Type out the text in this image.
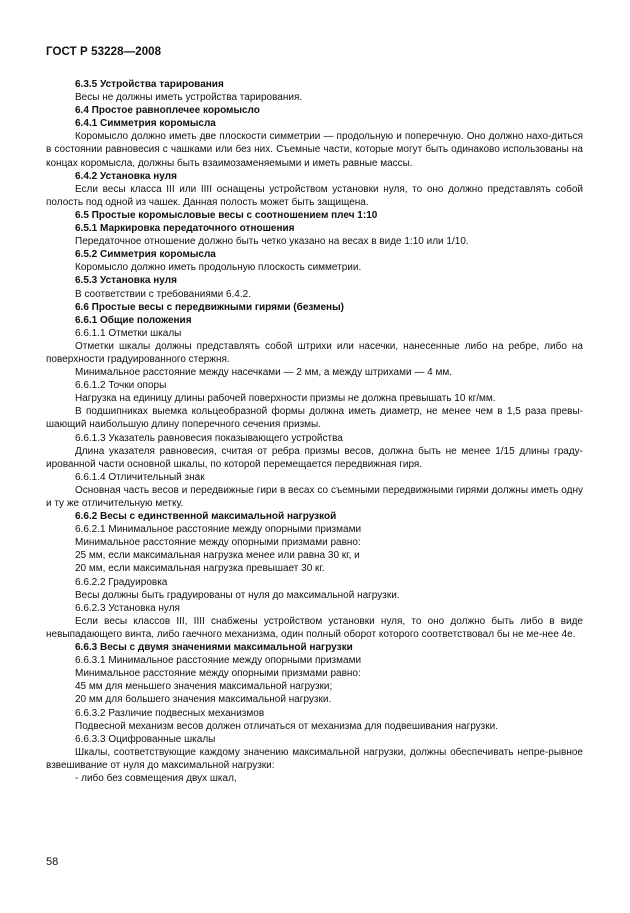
ГОСТ Р 53228—2008

6.3.5 Устройства тарирования

Весы не должны иметь устройства тарирования.

6.4 Простое равноплечее коромысло

6.4.1 Симметрия коромысла

Коромысло должно иметь две плоскости симметрии — продольную и поперечную. Оно должно нахо-диться в состоянии равновесия с чашками или без них. Съемные части, которые могут быть одинаково использованы на концах коромысла, должны быть взаимозаменяемыми и иметь равные массы.

6.4.2 Установка нуля

Если весы класса III или IIII оснащены устройством установки нуля, то оно должно представлять собой полость под одной из чашек. Данная полость может быть защищена.

6.5 Простые коромысловые весы с соотношением плеч 1:10

6.5.1 Маркировка передаточного отношения

Передаточное отношение должно быть четко указано на весах в виде 1:10 или 1/10.

6.5.2 Симметрия коромысла

Коромысло должно иметь продольную плоскость симметрии.

6.5.3 Установка нуля

В соответствии с требованиями 6.4.2.

6.6 Простые весы с передвижными гирями (безмены)

6.6.1 Общие положения

6.6.1.1 Отметки шкалы

Отметки шкалы должны представлять собой штрихи или насечки, нанесенные либо на ребре, либо на поверхности градуированного стержня.

Минимальное расстояние между насечками — 2 мм, а между штрихами — 4 мм.

6.6.1.2 Точки опоры

Нагрузка на единицу длины рабочей поверхности призмы не должна превышать 10 кг/мм.

В подшипниках выемка кольцеобразной формы должна иметь диаметр, не менее чем в 1,5 раза превы-шающий наибольшую длину поперечного сечения призмы.

6.6.1.3 Указатель равновесия показывающего устройства

Длина указателя равновесия, считая от ребра призмы весов, должна быть не менее 1/15 длины граду-ированной части основной шкалы, по которой перемещается передвижная гиря.

6.6.1.4 Отличительный знак

Основная часть весов и передвижные гири в весах со съемными передвижными гирями должны иметь одну и ту же отличительную метку.

6.6.2 Весы с единственной максимальной нагрузкой

6.6.2.1 Минимальное расстояние между опорными призмами

Минимальное расстояние между опорными призмами равно:

25 мм, если максимальная нагрузка менее или равна 30 кг, и

20 мм, если максимальная нагрузка превышает 30 кг.

6.6.2.2 Градуировка

Весы должны быть градуированы от нуля до максимальной нагрузки.

6.6.2.3 Установка нуля

Если весы классов III, IIII снабжены устройством установки нуля, то оно должно быть либо в виде невыпадающего винта, либо гаечного механизма, один полный оборот которого соответствовал бы не ме-нее 4e.

6.6.3 Весы с двумя значениями максимальной нагрузки

6.6.3.1 Минимальное расстояние между опорными призмами

Минимальное расстояние между опорными призмами равно:

45 мм для меньшего значения максимальной нагрузки;

20 мм для большего значения максимальной нагрузки.

6.6.3.2 Различие подвесных механизмов

Подвесной механизм весов должен отличаться от механизма для подвешивания нагрузки.

6.6.3.3 Оцифрованные шкалы

Шкалы, соответствующие каждому значению максимальной нагрузки, должны обеспечивать непре-рывное взвешивание от нуля до максимальной нагрузки:

- либо без совмещения двух шкал,

58
